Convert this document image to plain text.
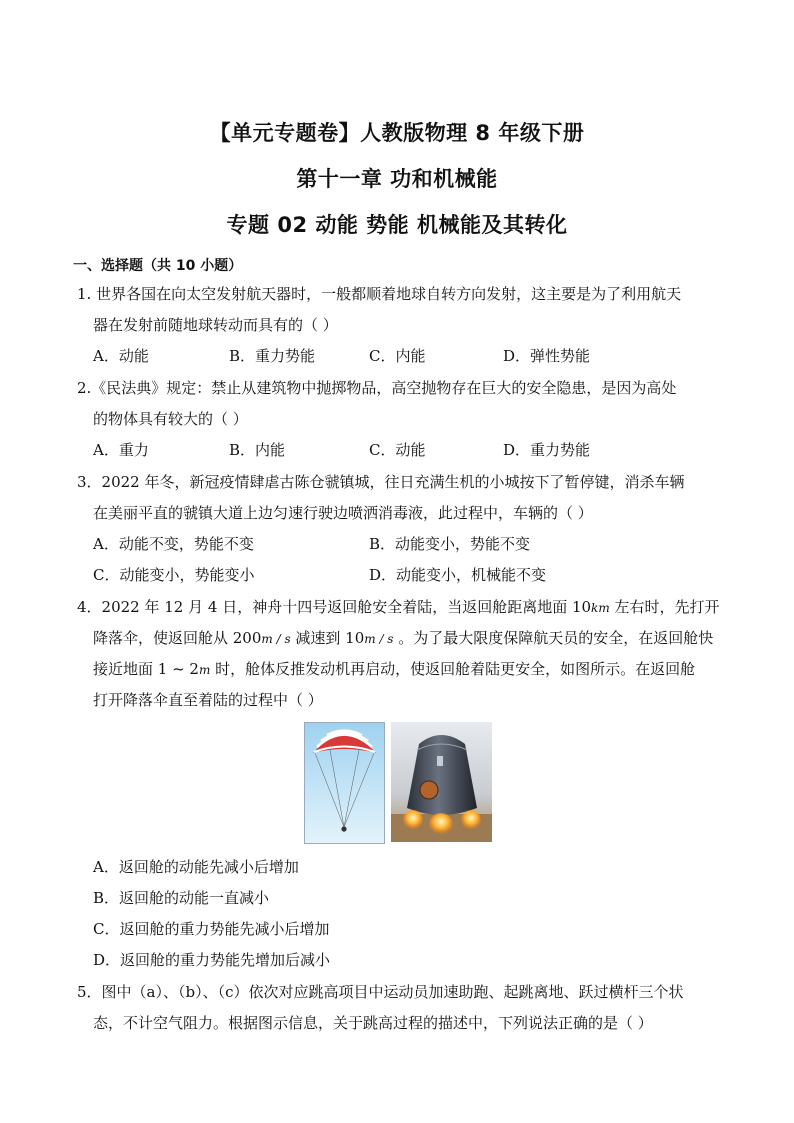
【单元专题卷】人教版物理 8 年级下册
第十一章 功和机械能
专题 02 动能 势能 机械能及其转化
一、选择题（共 10 小题）
1. 世界各国在向太空发射航天器时，一般都顺着地球自转方向发射，这主要是为了利用航天
器在发射前随地球转动而具有的（ ）
A．动能	B．重力势能	C．内能	D．弹性势能
2.《民法典》规定：禁止从建筑物中抛掷物品，高空抛物存在巨大的安全隐患，是因为高处
的物体具有较大的（ ）
A．重力	B．内能	C．动能	D．重力势能
3．2022 年冬，新冠疫情肆虐古陈仓虢镇城，往日充满生机的小城按下了暂停键，消杀车辆
在美丽平直的虢镇大道上边匀速行驶边喷洒消毒液，此过程中，车辆的（ ）
A．动能不变，势能不变	B．动能变小，势能不变
C．动能变小，势能变小	D．动能变小，机械能不变
4．2022 年 12 月 4 日，神舟十四号返回舱安全着陆，当返回舱距离地面 10km 左右时，先打开
降落伞，使返回舱从 200m / s 减速到 10m / s 。为了最大限度保障航天员的安全，在返回舱快
接近地面 1 ~ 2m 时，舱体反推发动机再启动，使返回舱着陆更安全，如图所示。在返回舱
打开降落伞直至着陆的过程中（ ）
A．返回舱的动能先减小后增加
B．返回舱的动能一直减小
C．返回舱的重力势能先减小后增加
D．返回舱的重力势能先增加后减小
5．图中（a）、（b）、（c）依次对应跳高项目中运动员加速助跑、起跳离地、跃过横杆三个状
态，不计空气阻力。根据图示信息，关于跳高过程的描述中，下列说法正确的是（ ）
